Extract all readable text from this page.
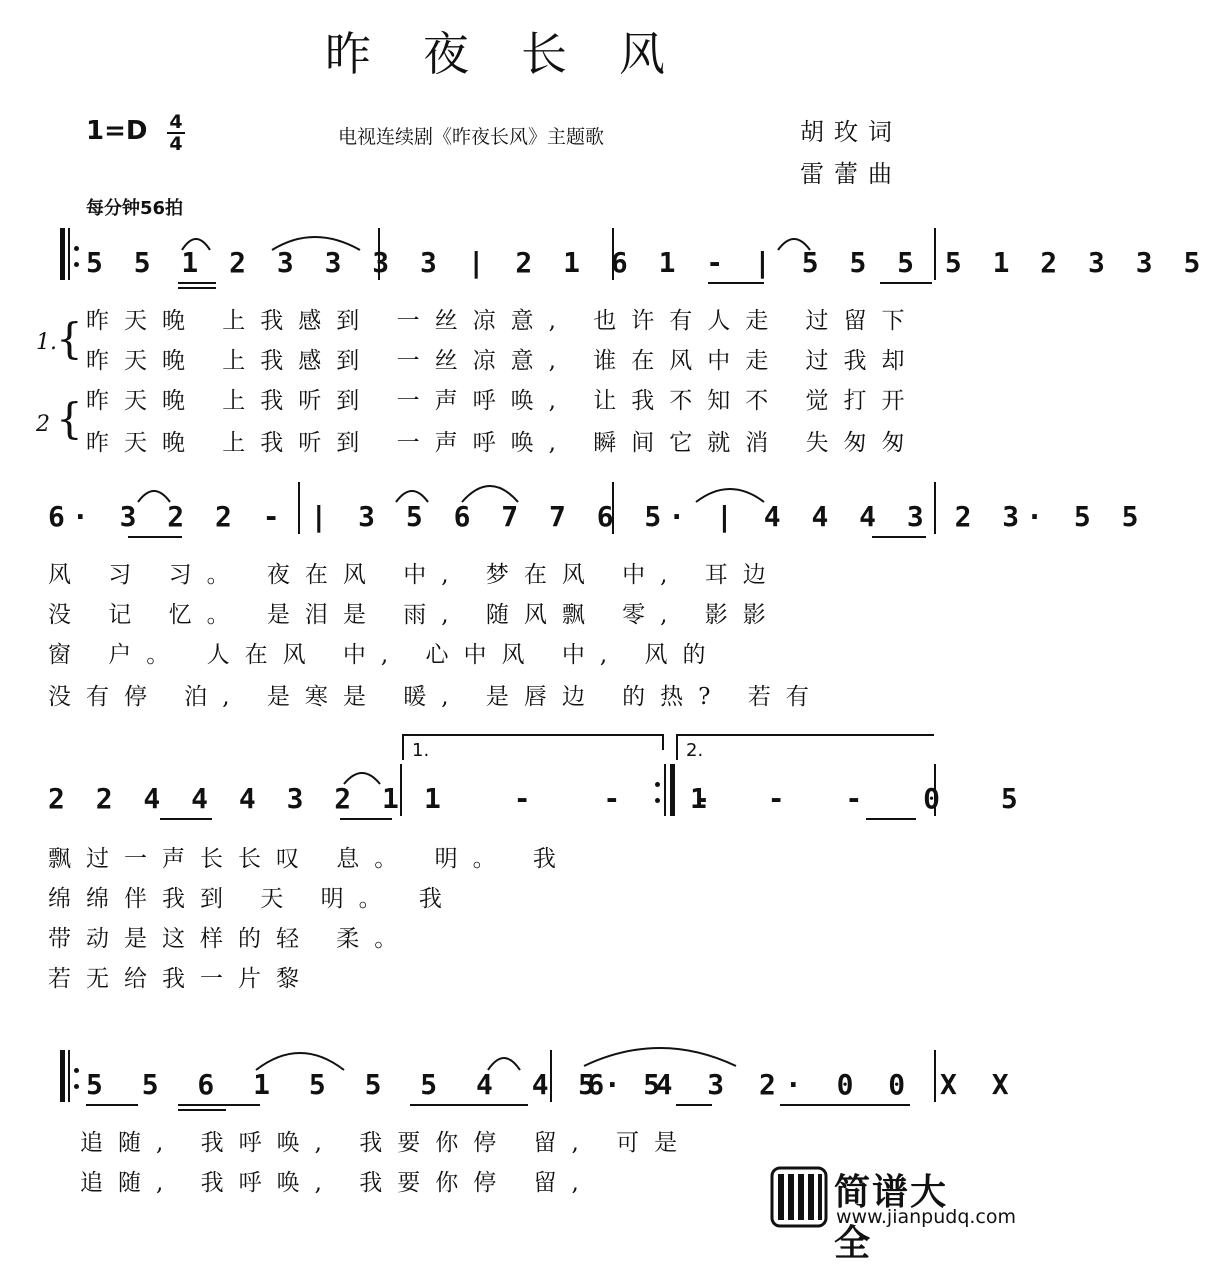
昨夜长风
1=D 4
4	电视连续剧《昨夜长风》主题歌	胡玫词
雷蕾曲
每分钟56拍
5 5 1 2 3 3 3 3 | 2 1 6 1 - | 5 5 5 5 1 2 3 3 5
1. {
2 {
昨天晚 上我感到 一丝凉意, 也许有人走 过留下
昨天晚 上我感到 一丝凉意, 谁在风中走 过我却
昨天晚 上我听到 一声呼唤, 让我不知不 觉打开
昨天晚 上我听到 一声呼唤, 瞬间它就消 失匆匆
6· 3 2 2 - | 3 5 6 7 7 6 5· | 4 4 4 3 2 3· 5 5
风 习 习。 夜在风 中, 梦在风 中, 耳边
没 记 忆。 是泪是 雨, 随风飘 零, 影影
窗 户。 人在风 中, 心中风 中, 风的
没有停 泊, 是寒是 暖, 是唇边 的热? 若有
1.	2.
2 2 4 4 4 3 2 1 1 - - -
1 - - 0 5
飘过一声长长叹 息。 明。 我
绵绵伴我到 天 明。 我
带动是这样的轻 柔。
若无给我一片黎
5 5 6 1 5 5 5 4 4 6 5
5· 4 3 2· 0 0 X X
追随, 我呼唤, 我要你停 留, 可是
追随, 我呼唤, 我要你停 留,	简谱大全
www.jianpudq.com
